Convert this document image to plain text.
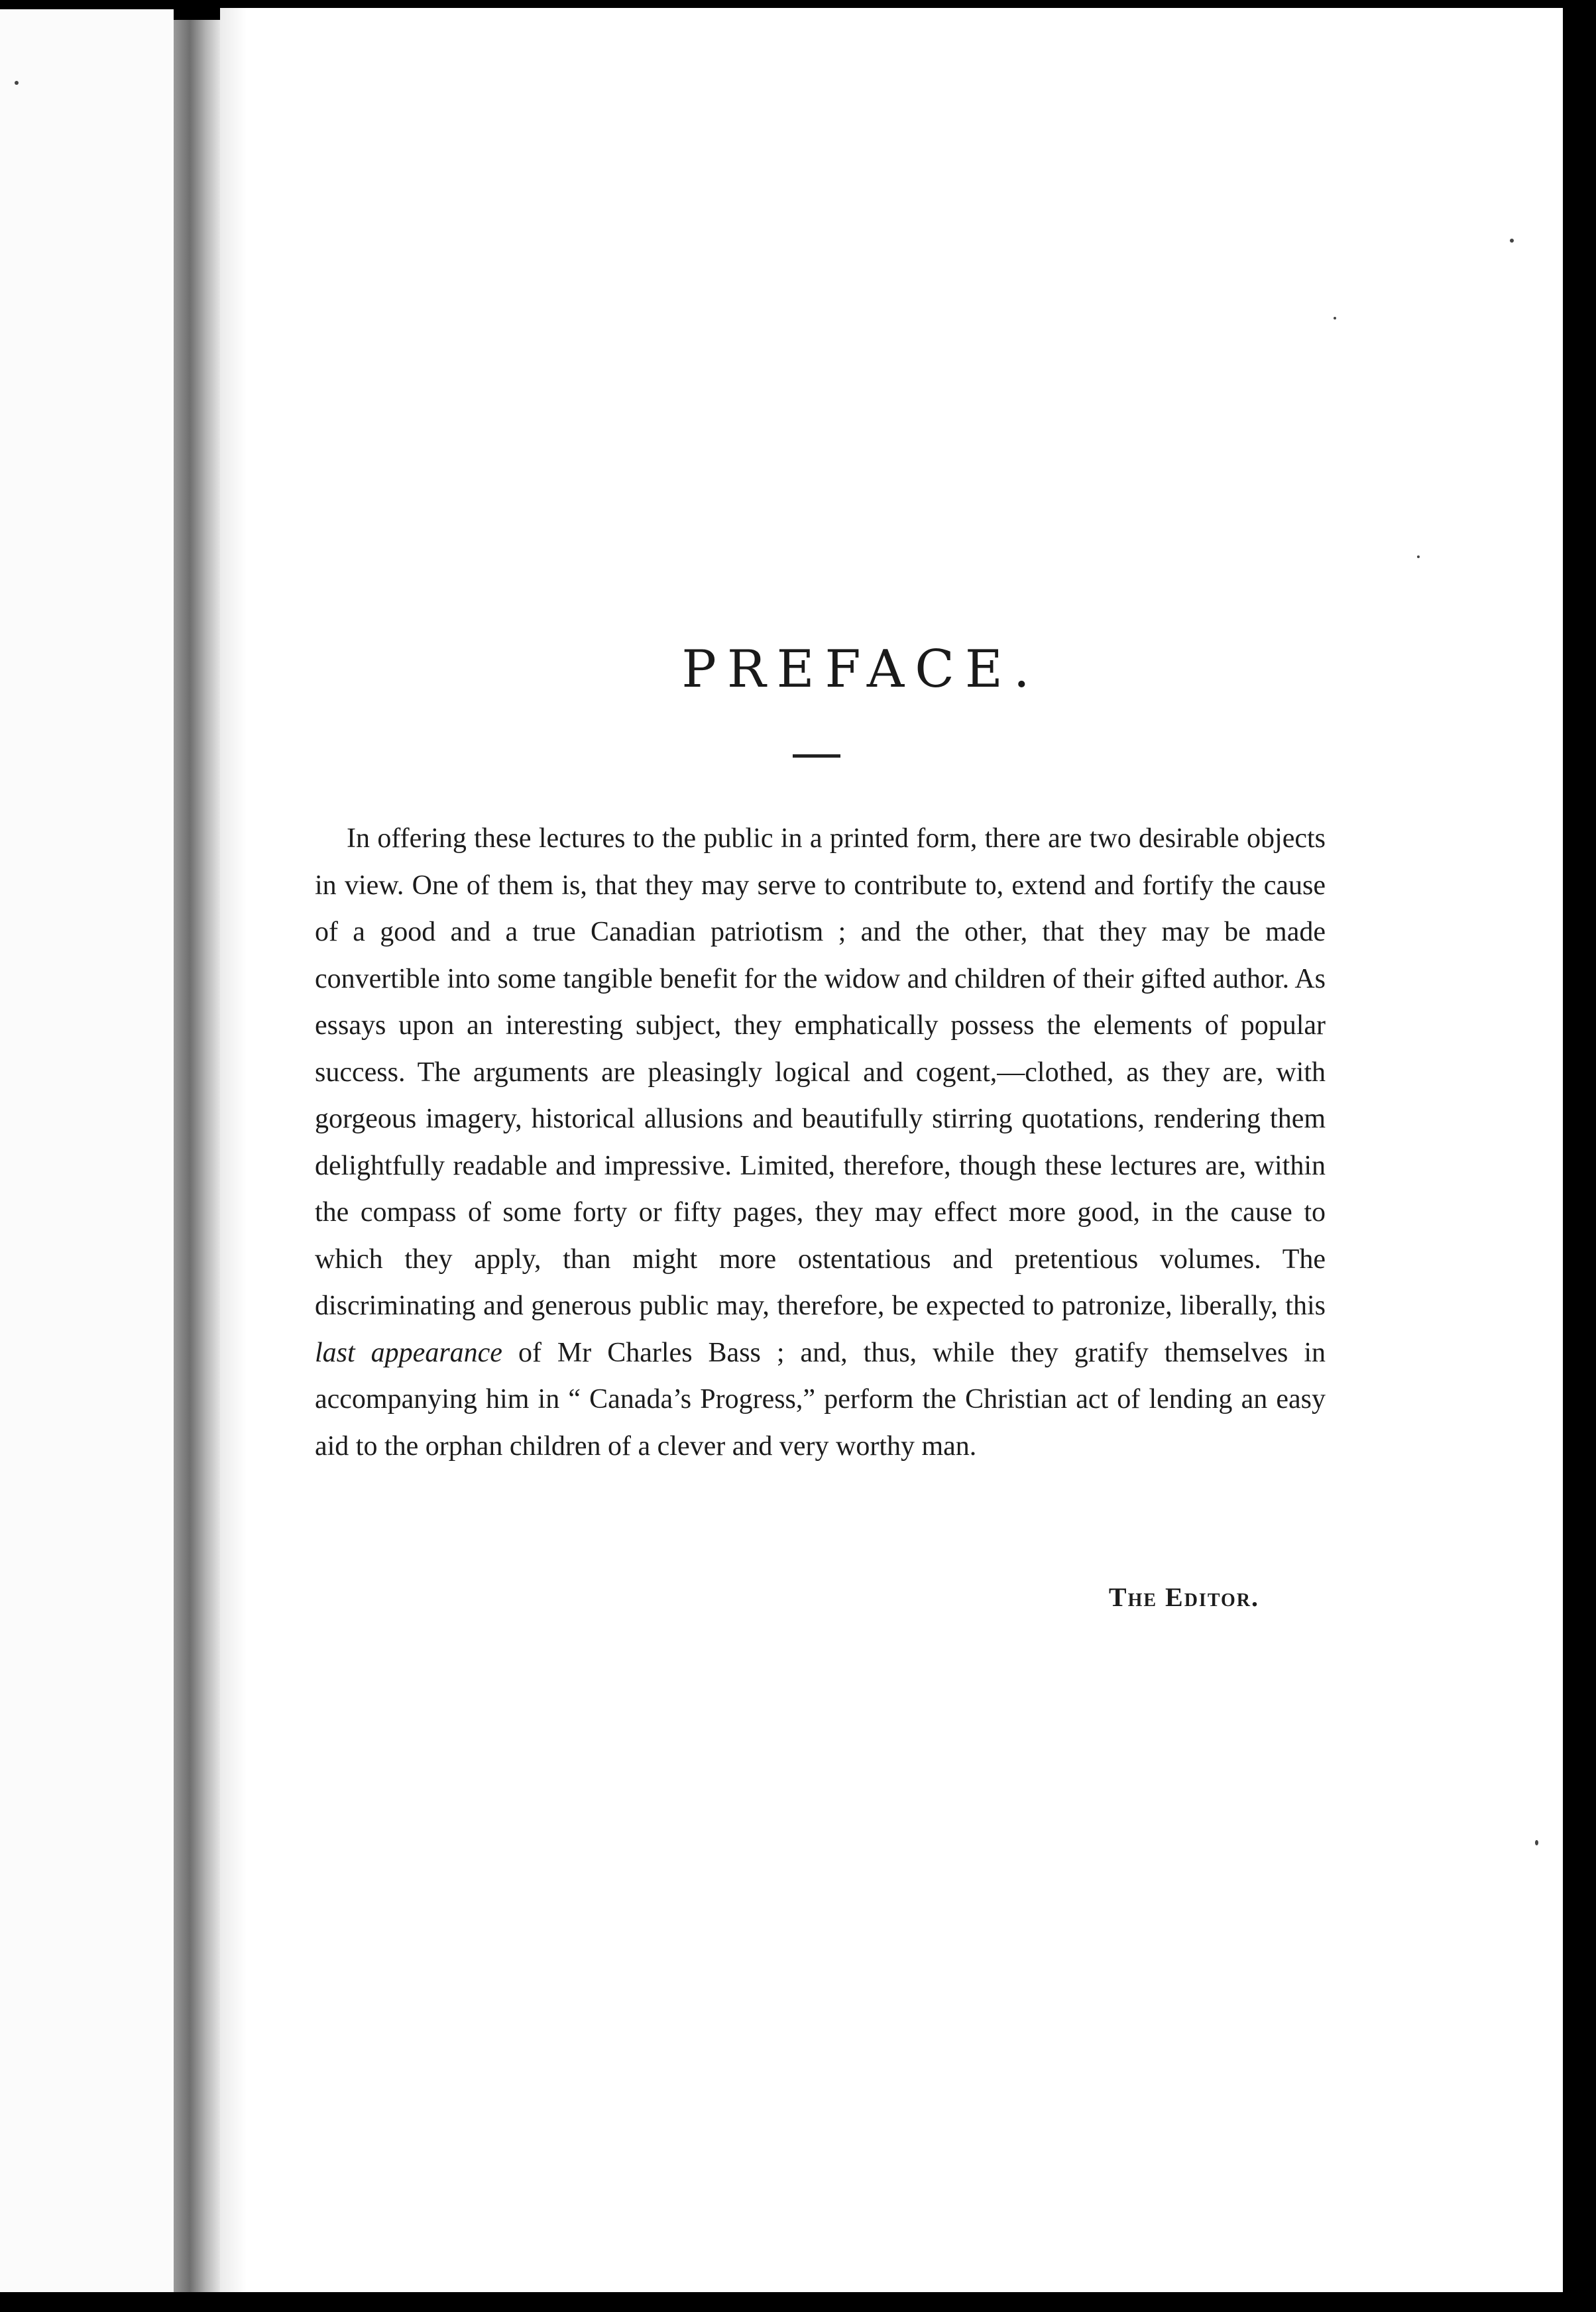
PREFACE.

In offering these lectures to the public in a printed form, there are two desirable objects in view. One of them is, that they may serve to contribute to, extend and fortify the cause of a good and a true Canadian patriotism ; and the other, that they may be made convertible into some tangible benefit for the widow and children of their gifted author. As essays upon an interesting subject, they emphatically possess the elements of popular success. The arguments are pleasingly logical and cogent,—clothed, as they are, with gorgeous imagery, historical allusions and beautifully stirring quotations, rendering them delightfully readable and impressive. Limited, therefore, though these lectures are, within the compass of some forty or fifty pages, they may effect more good, in the cause to which they apply, than might more ostentatious and pretentious volumes. The discriminating and generous public may, therefore, be expected to patronize, liberally, this last appearance of Mr Charles Bass ; and, thus, while they gratify themselves in accompanying him in “ Canada’s Progress,” perform the Christian act of lending an easy aid to the orphan children of a clever and very worthy man.

The Editor.
